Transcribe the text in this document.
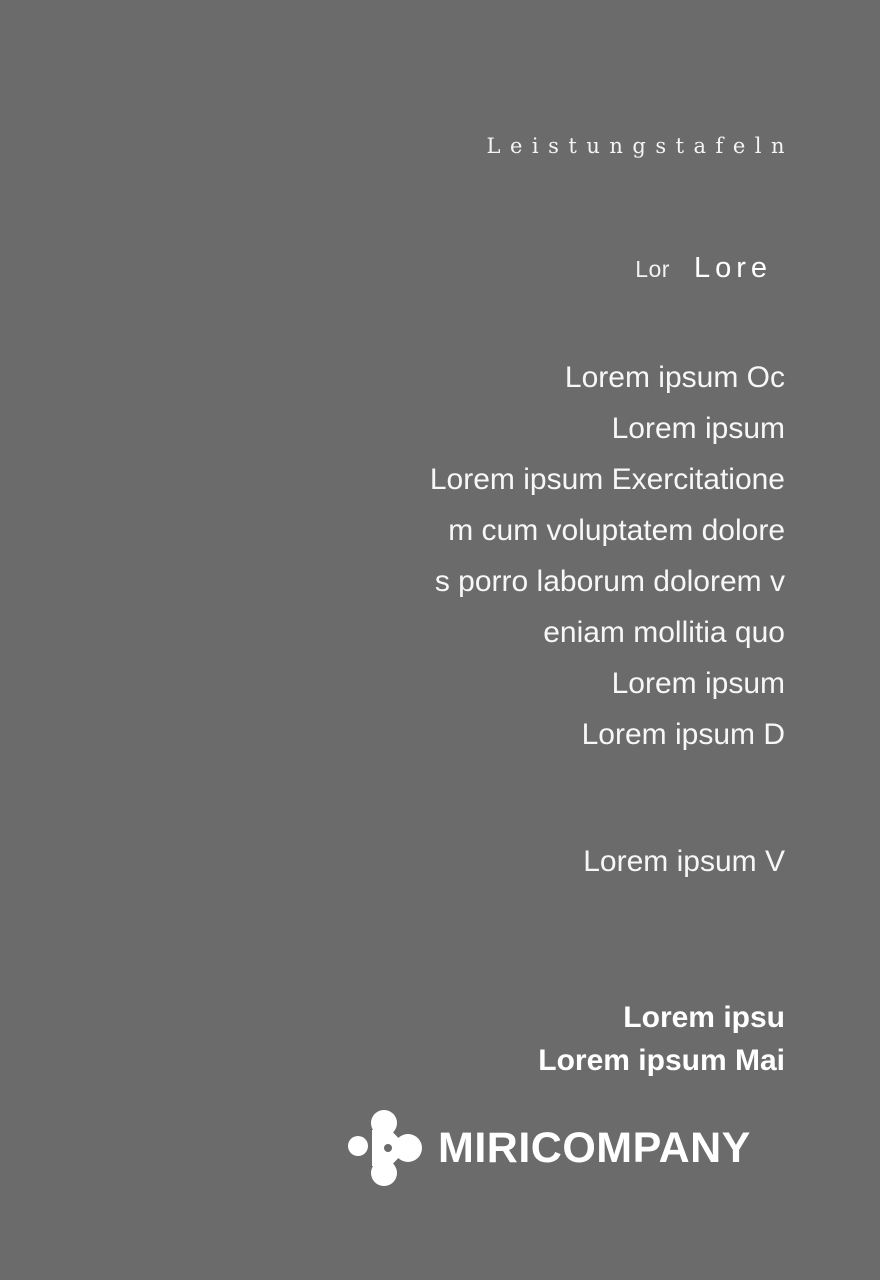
Leistungstafeln
Lor Lore
Lorem ipsum Oc
Lorem ipsum
Lorem ipsum Exercitatione
m cum voluptatem dolore
s porro laborum dolorem v
eniam mollitia quo
Lorem ipsum
Lorem ipsum D
Lorem ipsum V
Lorem ipsu
Lorem ipsum Mai
MIRICOMPANY
